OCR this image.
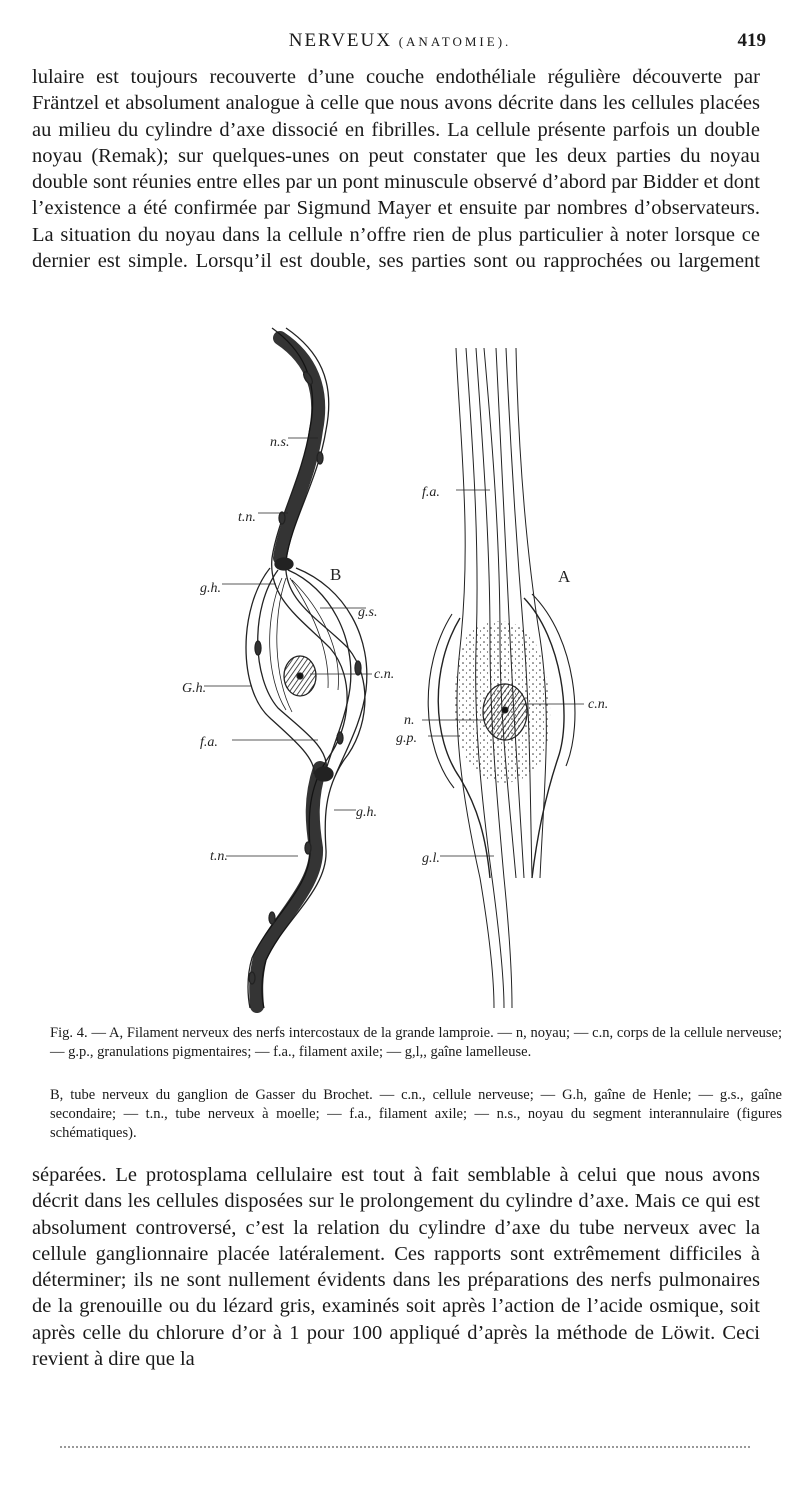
NERVEUX (ANATOMIE).	419

lulaire est toujours recouverte d’une couche endothéliale régulière découverte par Fräntzel et absolument analogue à celle que nous avons décrite dans les cellules placées au milieu du cylindre d’axe dissocié en fibrilles. La cellule présente parfois un double noyau (Remak); sur quelques-unes on peut constater que les deux parties du noyau double sont réunies entre elles par un pont minuscule observé d’abord par Bidder et dont l’existence a été confirmée par Sigmund Mayer et ensuite par nombres d’observateurs. La situation du noyau dans la cellule n’offre rien de plus particulier à noter lorsque ce dernier est simple. Lorsqu’il est double, ses parties sont ou rapprochées ou largement

n.s.
t.n.
g.h.
B
g.s.
c.n.
G.h.
f.a.
g.h.
t.n.
f.a.
A
c.n.
n.
g.p.
g.l.

Fig. 4. — A, Filament nerveux des nerfs intercostaux de la grande lamproie. — n, noyau; — c.n, corps de la cellule nerveuse; — g.p., granulations pigmentaires; — f.a., filament axile; — g,l,, gaîne lamelleuse.

B, tube nerveux du ganglion de Gasser du Brochet. — c.n., cellule nerveuse; — G.h, gaîne de Henle; — g.s., gaîne secondaire; — t.n., tube nerveux à moelle; — f.a., filament axile; — n.s., noyau du segment interannulaire (figures schématiques).

séparées. Le protosplama cellulaire est tout à fait semblable à celui que nous avons décrit dans les cellules disposées sur le prolongement du cylindre d’axe. Mais ce qui est absolument controversé, c’est la relation du cylindre d’axe du tube nerveux avec la cellule ganglionnaire placée latéralement. Ces rapports sont extrêmement difficiles à déterminer; ils ne sont nullement évidents dans les préparations des nerfs pulmonaires de la grenouille ou du lézard gris, examinés soit après l’action de l’acide osmique, soit après celle du chlorure d’or à 1 pour 100 appliqué d’après la méthode de Löwit. Ceci revient à dire que la
